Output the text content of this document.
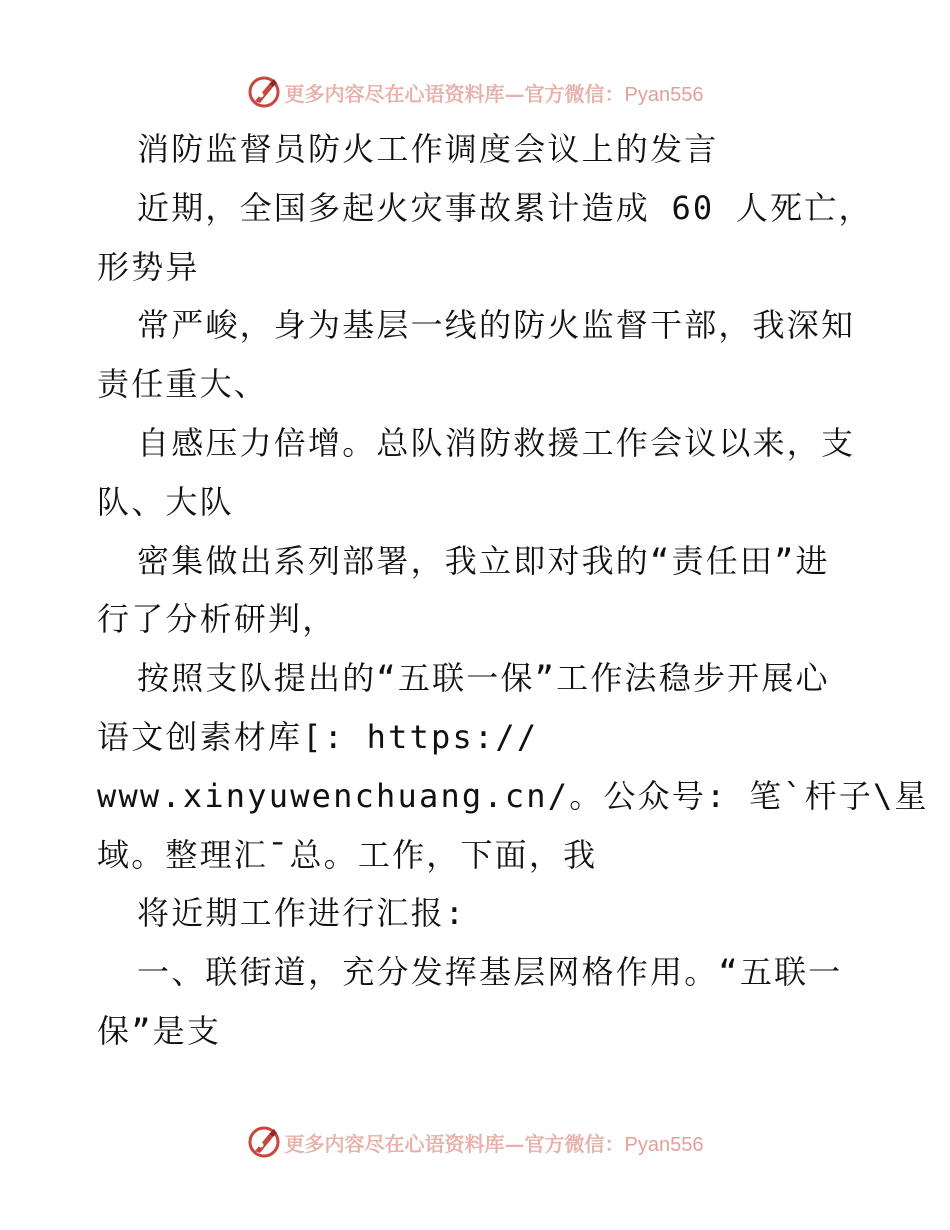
更多内容尽在心语资料库—官方微信：Pyan556
消防监督员防火工作调度会议上的发言
近期，全国多起火灾事故累计造成 60 人死亡，
形势异
常严峻，身为基层一线的防火监督干部，我深知
责任重大、
自感压力倍增。总队消防救援工作会议以来，支
队、大队
密集做出系列部署，我立即对我的“责任田”进
行了分析研判，
按照支队提出的“五联一保”工作法稳步开展心
语文创素材库[: https://
www.xinyuwenchuang.cn/。公众号: 笔`杆子\星
域。整理汇¯总。工作，下面，我
将近期工作进行汇报:
一、联街道，充分发挥基层网格作用。“五联一
保”是支
更多内容尽在心语资料库—官方微信：Pyan556
